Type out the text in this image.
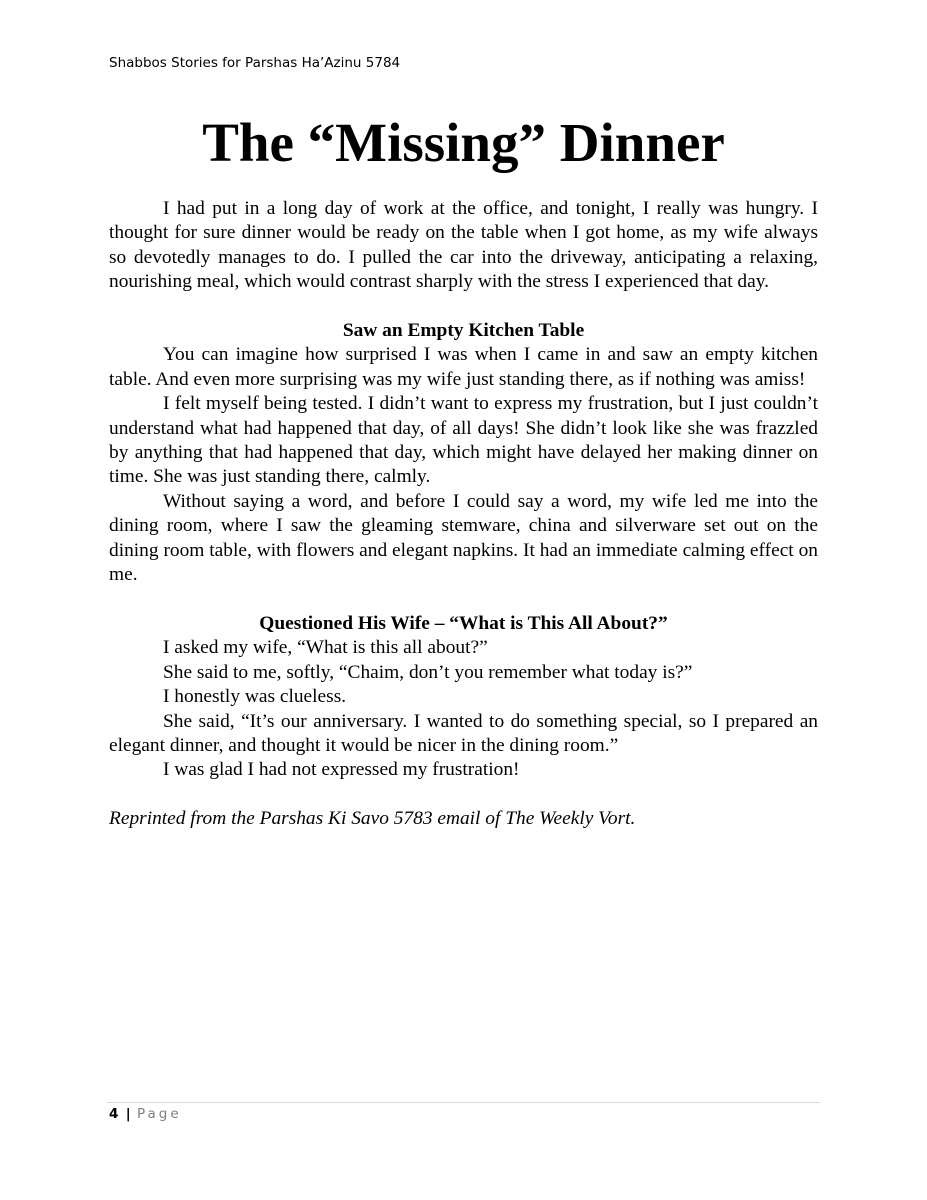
Shabbos Stories for Parshas Ha’Azinu 5784
The “Missing” Dinner

I had put in a long day of work at the office, and tonight, I really was hungry. I thought for sure dinner would be ready on the table when I got home, as my wife always so devotedly manages to do. I pulled the car into the driveway, anticipating a relaxing, nourishing meal, which would contrast sharply with the stress I experienced that day.

Saw an Empty Kitchen Table

You can imagine how surprised I was when I came in and saw an empty kitchen table. And even more surprising was my wife just standing there, as if nothing was amiss!

I felt myself being tested. I didn’t want to express my frustration, but I just couldn’t understand what had happened that day, of all days! She didn’t look like she was frazzled by anything that had happened that day, which might have delayed her making dinner on time. She was just standing there, calmly.

Without saying a word, and before I could say a word, my wife led me into the dining room, where I saw the gleaming stemware, china and silverware set out on the dining room table, with flowers and elegant napkins. It had an immediate calming effect on me.

Questioned His Wife – “What is This All About?”

I asked my wife, “What is this all about?”

She said to me, softly, “Chaim, don’t you remember what today is?”

I honestly was clueless.

She said, “It’s our anniversary. I wanted to do something special, so I prepared an elegant dinner, and thought it would be nicer in the dining room.”

I was glad I had not expressed my frustration!

Reprinted from the Parshas Ki Savo 5783 email of The Weekly Vort.

4 | Page
